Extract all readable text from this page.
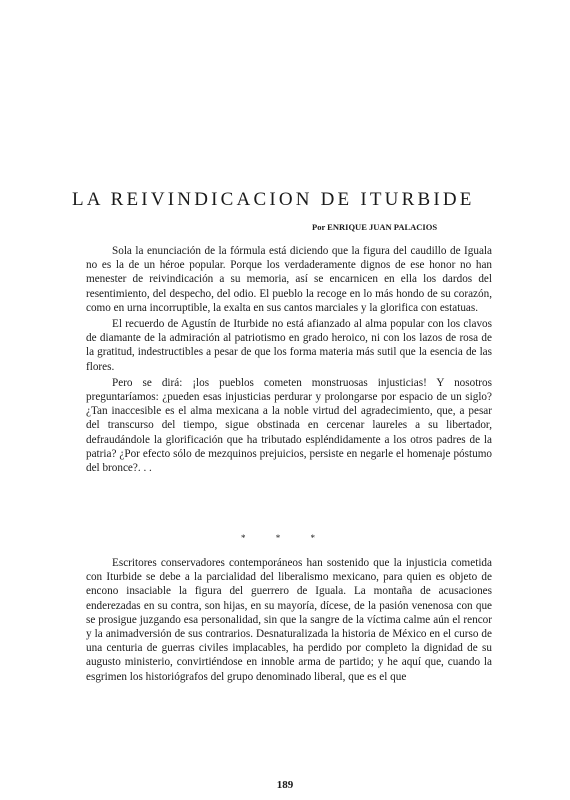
LA REIVINDICACION DE ITURBIDE
Por ENRIQUE JUAN PALACIOS

Sola la enunciación de la fórmula está diciendo que la figura del caudillo de Iguala no es la de un héroe popular. Porque los verdaderamente dignos de ese honor no han menester de reivindicación a su memoria, así se encarnicen en ella los dardos del resentimiento, del despecho, del odio. El pueblo la recoge en lo más hondo de su corazón, como en urna incorruptible, la exalta en sus cantos marciales y la glorifica con estatuas.

El recuerdo de Agustín de Iturbide no está afianzado al alma popular con los clavos de diamante de la admiración al patriotismo en grado heroico, ni con los lazos de rosa de la gratitud, indestructibles a pesar de que los forma materia más sutil que la esencia de las flores.

Pero se dirá: ¡los pueblos cometen monstruosas injusticias! Y nosotros preguntaríamos: ¿pueden esas injusticias perdurar y prolongarse por espacio de un siglo? ¿Tan inaccesible es el alma mexicana a la noble virtud del agradecimiento, que, a pesar del transcurso del tiempo, sigue obstinada en cercenar laureles a su libertador, defraudándole la glorificación que ha tributado espléndidamente a los otros padres de la patria? ¿Por efecto sólo de mezquinos prejuicios, persiste en negarle el homenaje póstumo del bronce?. . .

* * *

Escritores conservadores contemporáneos han sostenido que la injusticia cometida con Iturbide se debe a la parcialidad del liberalismo mexicano, para quien es objeto de encono insaciable la figura del guerrero de Iguala. La montaña de acusaciones enderezadas en su contra, son hijas, en su mayoría, dícese, de la pasión venenosa con que se prosigue juzgando esa personalidad, sin que la sangre de la víctima calme aún el rencor y la animadversión de sus contrarios. Desnaturalizada la historia de México en el curso de una centuria de guerras civiles implacables, ha perdido por completo la dignidad de su augusto ministerio, convirtiéndose en innoble arma de partido; y he aquí que, cuando la esgrimen los historiógrafos del grupo denominado liberal, que es el que

189
